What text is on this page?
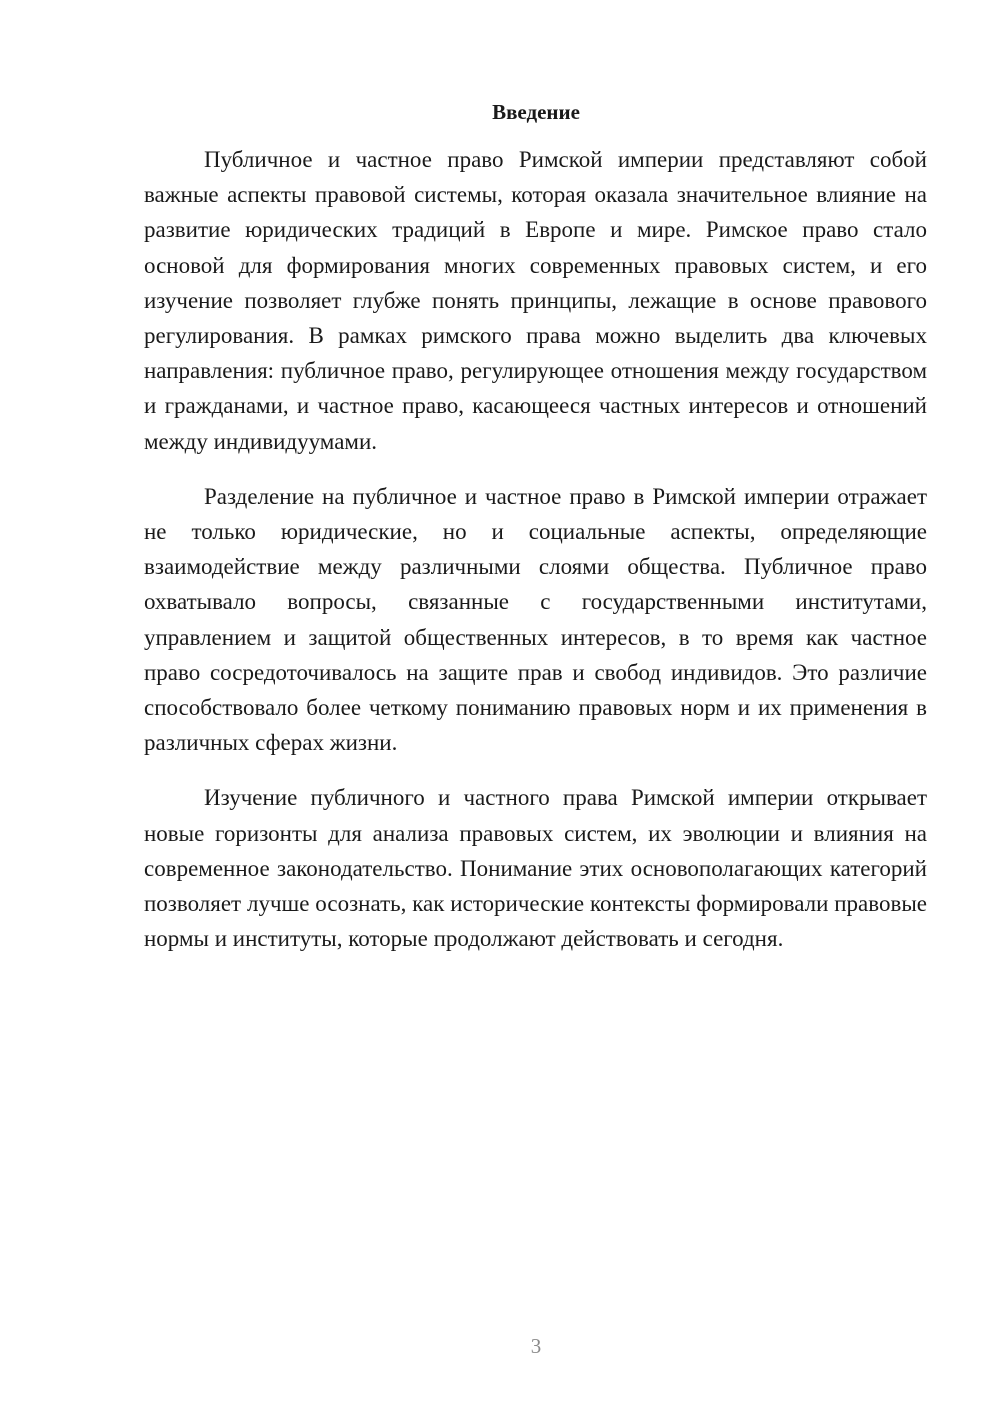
Введение

Публичное и частное право Римской империи представляют собой важные аспекты правовой системы, которая оказала значительное влияние на развитие юридических традиций в Европе и мире. Римское право стало основой для формирования многих современных правовых систем, и его изучение позволяет глубже понять принципы, лежащие в основе правового регулирования. В рамках римского права можно выделить два ключевых направления: публичное право, регулирующее отношения между государством и гражданами, и частное право, касающееся частных интересов и отношений между индивидуумами.

Разделение на публичное и частное право в Римской империи отражает не только юридические, но и социальные аспекты, определяющие взаимодействие между различными слоями общества. Публичное право охватывало вопросы, связанные с государственными институтами, управлением и защитой общественных интересов, в то время как частное право сосредоточивалось на защите прав и свобод индивидов. Это различие способствовало более четкому пониманию правовых норм и их применения в различных сферах жизни.

Изучение публичного и частного права Римской империи открывает новые горизонты для анализа правовых систем, их эволюции и влияния на современное законодательство. Понимание этих основополагающих категорий позволяет лучше осознать, как исторические контексты формировали правовые нормы и институты, которые продолжают действовать и сегодня.

3
